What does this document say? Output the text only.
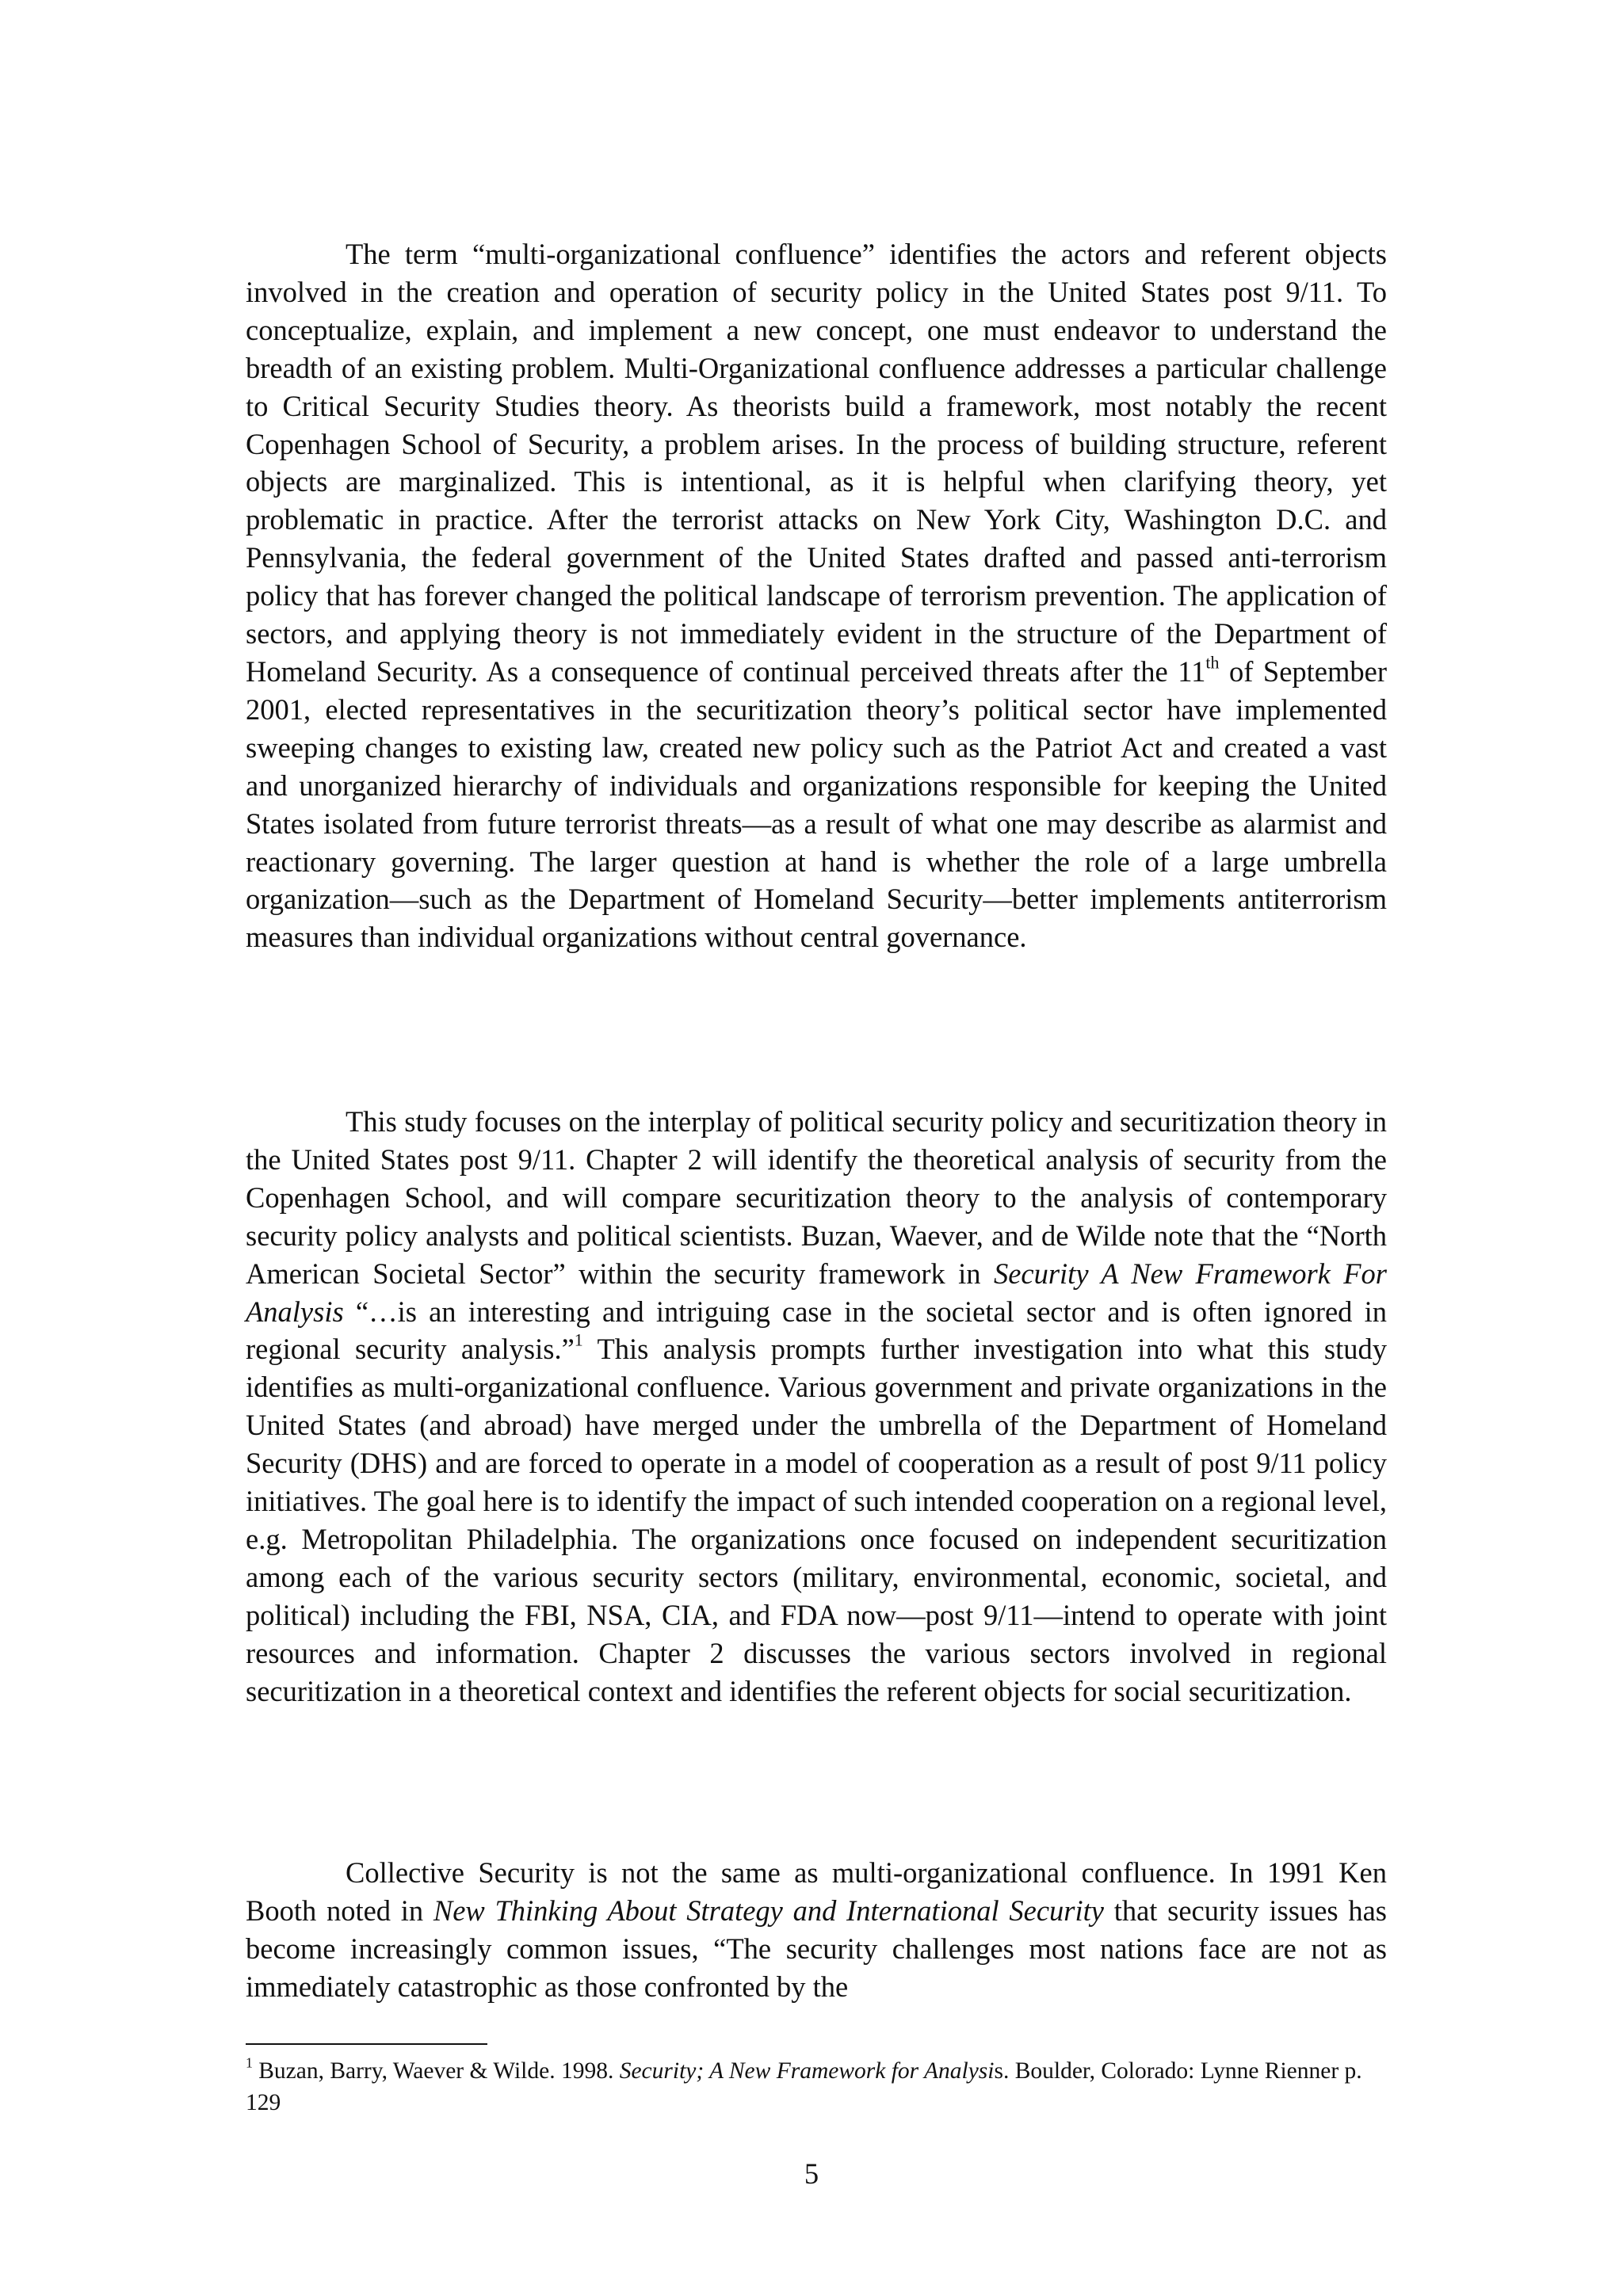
The term “multi-organizational confluence” identifies the actors and referent objects involved in the creation and operation of security policy in the United States post 9/11. To conceptualize, explain, and implement a new concept, one must endeavor to understand the breadth of an existing problem. Multi-Organizational confluence addresses a particular challenge to Critical Security Studies theory. As theorists build a framework, most notably the recent Copenhagen School of Security, a problem arises. In the process of building structure, referent objects are marginalized. This is intentional, as it is helpful when clarifying theory, yet problematic in practice. After the terrorist attacks on New York City, Washington D.C. and Pennsylvania, the federal government of the United States drafted and passed anti-terrorism policy that has forever changed the political landscape of terrorism prevention. The application of sectors, and applying theory is not immediately evident in the structure of the Department of Homeland Security. As a consequence of continual perceived threats after the 11th of September 2001, elected representatives in the securitization theory’s political sector have implemented sweeping changes to existing law, created new policy such as the Patriot Act and created a vast and unorganized hierarchy of individuals and organizations responsible for keeping the United States isolated from future terrorist threats—as a result of what one may describe as alarmist and reactionary governing. The larger question at hand is whether the role of a large umbrella organization—such as the Department of Homeland Security—better implements antiterrorism measures than individual organizations without central governance.

This study focuses on the interplay of political security policy and securitization theory in the United States post 9/11. Chapter 2 will identify the theoretical analysis of security from the Copenhagen School, and will compare securitization theory to the analysis of contemporary security policy analysts and political scientists. Buzan, Waever, and de Wilde note that the “North American Societal Sector” within the security framework in Security A New Framework For Analysis “…is an interesting and intriguing case in the societal sector and is often ignored in regional security analysis.”$^1$ This analysis prompts further investigation into what this study identifies as multi-organizational confluence. Various government and private organizations in the United States (and abroad) have merged under the umbrella of the Department of Homeland Security (DHS) and are forced to operate in a model of cooperation as a result of post 9/11 policy initiatives. The goal here is to identify the impact of such intended cooperation on a regional level, e.g. Metropolitan Philadelphia. The organizations once focused on independent securitization among each of the various security sectors (military, environmental, economic, societal, and political) including the FBI, NSA, CIA, and FDA now—post 9/11—intend to operate with joint resources and information. Chapter 2 discusses the various sectors involved in regional securitization in a theoretical context and identifies the referent objects for social securitization.

Collective Security is not the same as multi-organizational confluence. In 1991 Ken Booth noted in New Thinking About Strategy and International Security that security issues has become increasingly common issues, “The security challenges most nations face are not as immediately catastrophic as those confronted by the

$^1$ Buzan, Barry, Waever & Wilde. 1998. Security; A New Framework for Analysis. Boulder, Colorado: Lynne Rienner p. 129

5
